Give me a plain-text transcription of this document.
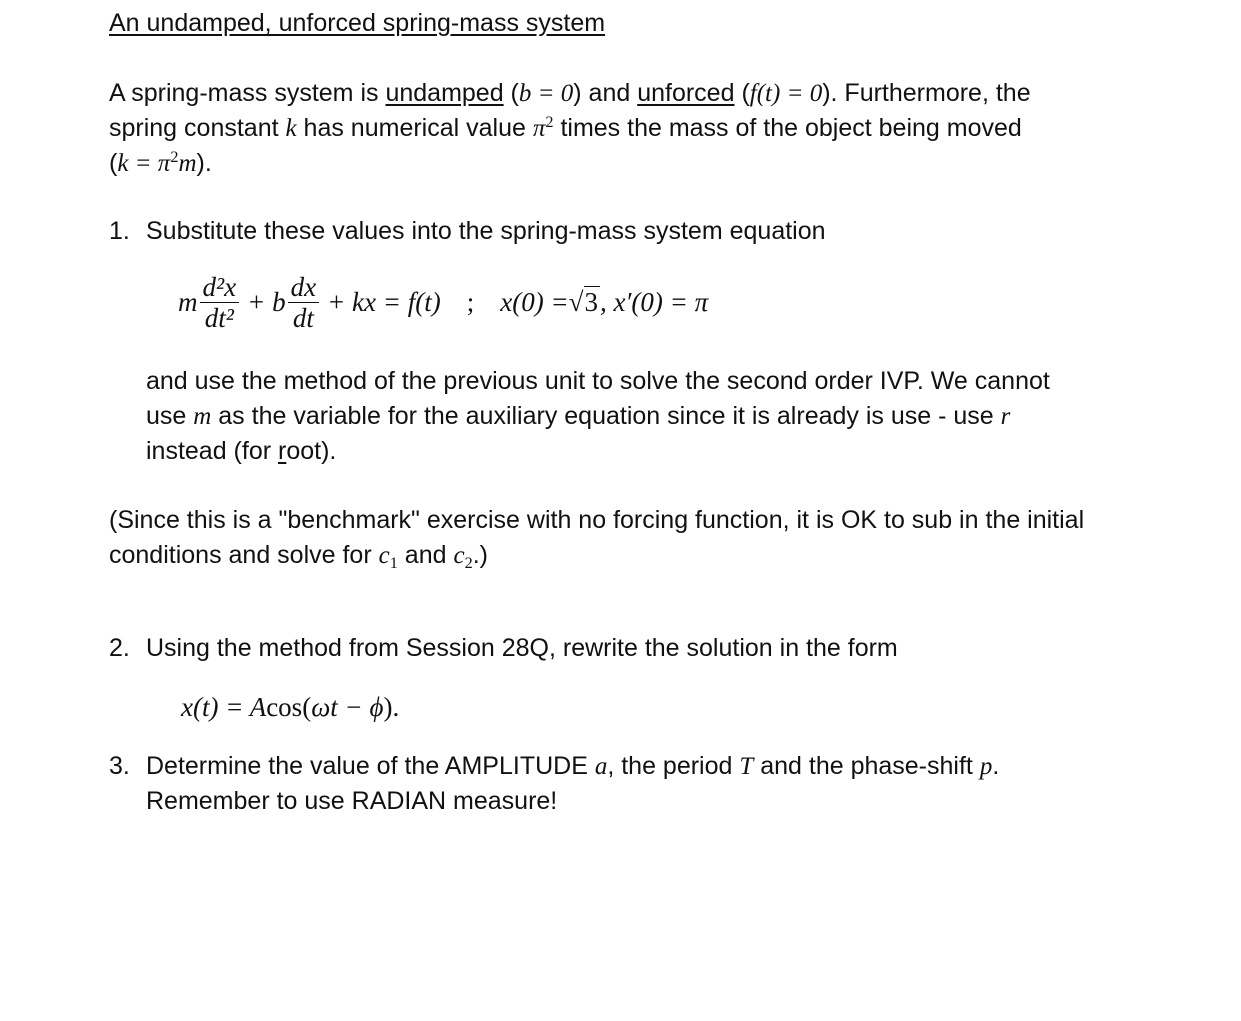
An undamped, unforced spring-mass system
A spring-mass system is undamped (b = 0) and unforced (f(t) = 0). Furthermore, the
spring constant k has numerical value $\pi^2$ times the mass of the object being moved
$(k = \pi^2m)$.
1. Substitute these values into the spring-mass system equation
m $\frac{\text{d²x}}{\text{dt²}} + b \frac{dx}{dt}$ + kx = f(t) ; x(0) = √3 , x′(0) = π
and use the method of the previous unit to solve the second order IVP. We cannot
use m as the variable for the auxiliary equation since it is already is use - use r
instead (for root).
(Since this is a "benchmark" exercise with no forcing function, it is OK to sub in the initial
conditions and solve for c1 and c2.)
2. Using the method from Session 28Q, rewrite the solution in the form
x(t) = Acos(ωt − ϕ).
3. Determine the value of the AMPLITUDE a, the period T and the phase-shift p.
Remember to use RADIAN measure!
